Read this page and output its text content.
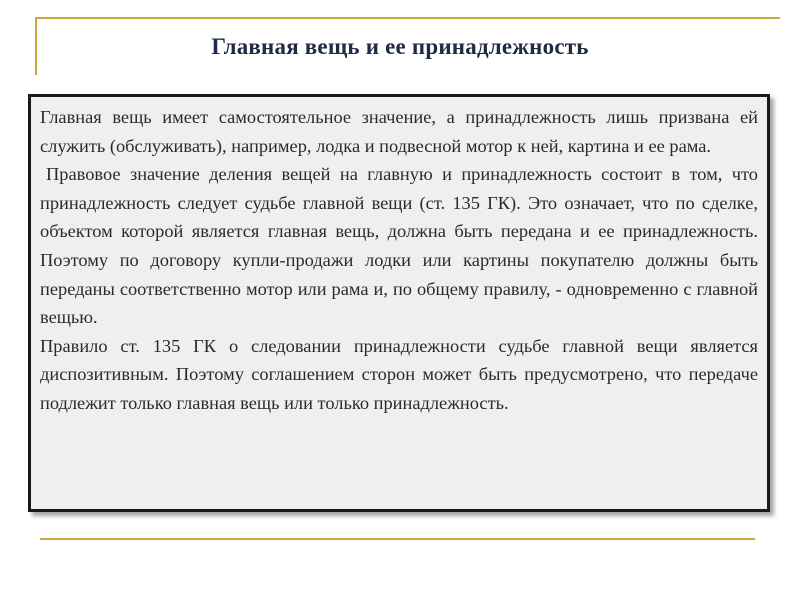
Главная вещь и ее принадлежность

Главная вещь имеет самостоятельное значение, а принадлежность лишь призвана ей служить (обслуживать), например, лодка и подвесной мотор к ней, картина и ее рама.

Правовое значение деления вещей на главную и принадлежность состоит в том, что принадлежность следует судьбе главной вещи (ст. 135 ГК). Это означает, что по сделке, объектом которой является главная вещь, должна быть передана и ее принадлежность. Поэтому по договору купли-продажи лодки или картины покупателю должны быть переданы соответственно мотор или рама и, по общему правилу, - одновременно с главной вещью.

Правило ст. 135 ГК о следовании принадлежности судьбе главной вещи является диспозитивным. Поэтому соглашением сторон может быть предусмотрено, что передаче подлежит только главная вещь или только принадлежность.
